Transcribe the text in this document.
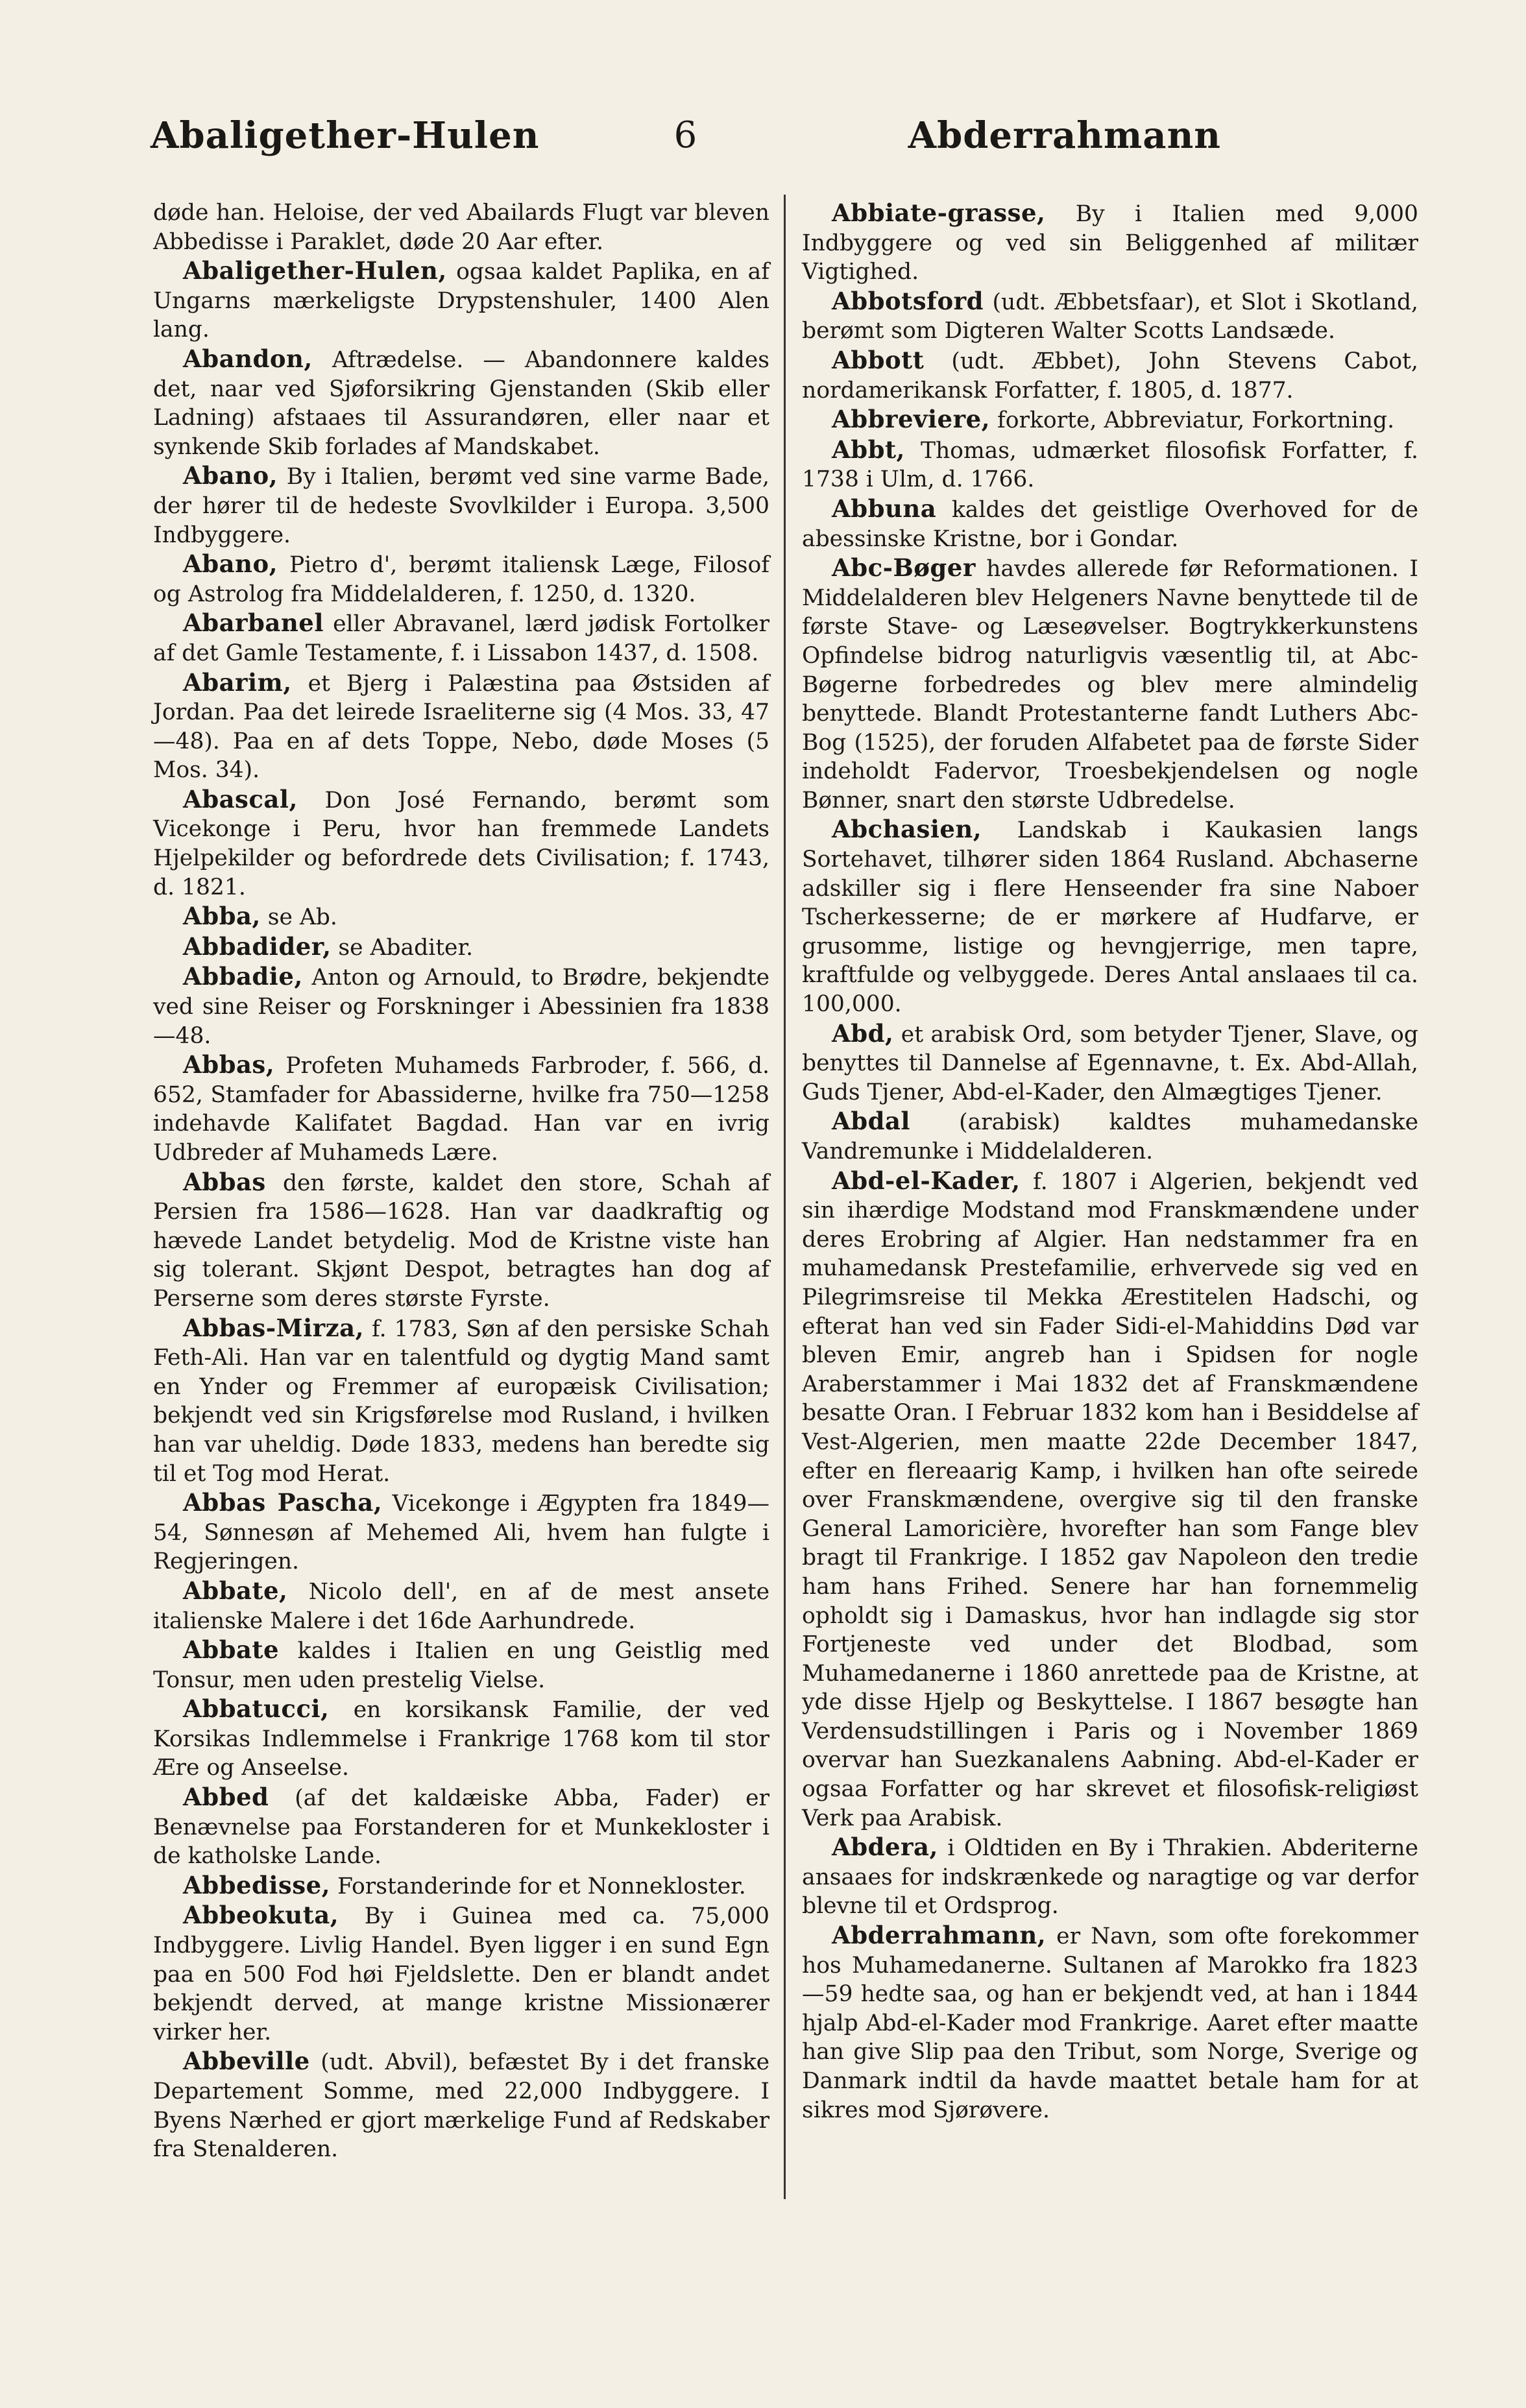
Abaligether-Hulen	6	Abderrahmann

døde han. Heloise, der ved Abailards Flugt var bleven Abbedisse i Paraklet, døde 20 Aar efter.

Abaligether-Hulen, ogsaa kaldet Paplika, en af Ungarns mærkeligste Drypstenshuler, 1400 Alen lang.

Abandon, Aftrædelse. — Abandonnere kaldes det, naar ved Sjøforsikring Gjenstanden (Skib eller Ladning) afstaaes til Assurandøren, eller naar et synkende Skib forlades af Mandskabet.

Abano, By i Italien, berømt ved sine varme Bade, der hører til de hedeste Svovlkilder i Europa. 3,500 Indbyggere.

Abano, Pietro d', berømt italiensk Læge, Filosof og Astrolog fra Middelalderen, f. 1250, d. 1320.

Abarbanel eller Abravanel, lærd jødisk Fortolker af det Gamle Testamente, f. i Lissabon 1437, d. 1508.

Abarim, et Bjerg i Palæstina paa Østsiden af Jordan. Paa det leirede Israeliterne sig (4 Mos. 33, 47—48). Paa en af dets Toppe, Nebo, døde Moses (5 Mos. 34).

Abascal, Don José Fernando, berømt som Vicekonge i Peru, hvor han fremmede Landets Hjelpekilder og befordrede dets Civilisation; f. 1743, d. 1821.

Abba, se Ab.

Abbadider, se Abaditer.

Abbadie, Anton og Arnould, to Brødre, bekjendte ved sine Reiser og Forskninger i Abessinien fra 1838—48.

Abbas, Profeten Muhameds Farbroder, f. 566, d. 652, Stamfader for Abassiderne, hvilke fra 750—1258 indehavde Kalifatet Bagdad. Han var en ivrig Udbreder af Muhameds Lære.

Abbas den første, kaldet den store, Schah af Persien fra 1586—1628. Han var daadkraftig og hævede Landet betydelig. Mod de Kristne viste han sig tolerant. Skjønt Despot, betragtes han dog af Perserne som deres største Fyrste.

Abbas-Mirza, f. 1783, Søn af den persiske Schah Feth-Ali. Han var en talentfuld og dygtig Mand samt en Ynder og Fremmer af europæisk Civilisation; bekjendt ved sin Krigsførelse mod Rusland, i hvilken han var uheldig. Døde 1833, medens han beredte sig til et Tog mod Herat.

Abbas Pascha, Vicekonge i Ægypten fra 1849—54, Sønnesøn af Mehemed Ali, hvem han fulgte i Regjeringen.

Abbate, Nicolo dell', en af de mest ansete italienske Malere i det 16de Aarhundrede.

Abbate kaldes i Italien en ung Geistlig med Tonsur, men uden prestelig Vielse.

Abbatucci, en korsikansk Familie, der ved Korsikas Indlemmelse i Frankrige 1768 kom til stor Ære og Anseelse.

Abbed (af det kaldæiske Abba, Fader) er Benævnelse paa Forstanderen for et Munkekloster i de katholske Lande.

Abbedisse, Forstanderinde for et Nonnekloster.

Abbeokuta, By i Guinea med ca. 75,000 Indbyggere. Livlig Handel. Byen ligger i en sund Egn paa en 500 Fod høi Fjeldslette. Den er blandt andet bekjendt derved, at mange kristne Missionærer virker her.

Abbeville (udt. Abvil), befæstet By i det franske Departement Somme, med 22,000 Indbyggere. I Byens Nærhed er gjort mærkelige Fund af Redskaber fra Stenalderen.

Abbiate-grasse, By i Italien med 9,000 Indbyggere og ved sin Beliggenhed af militær Vigtighed.

Abbotsford (udt. Æbbetsfaar), et Slot i Skotland, berømt som Digteren Walter Scotts Landsæde.

Abbott (udt. Æbbet), John Stevens Cabot, nordamerikansk Forfatter, f. 1805, d. 1877.

Abbreviere, forkorte, Abbreviatur, Forkortning.

Abbt, Thomas, udmærket filosofisk Forfatter, f. 1738 i Ulm, d. 1766.

Abbuna kaldes det geistlige Overhoved for de abessinske Kristne, bor i Gondar.

Abc-Bøger havdes allerede før Reformationen. I Middelalderen blev Helgeners Navne benyttede til de første Stave- og Læseøvelser. Bogtrykkerkunstens Opfindelse bidrog naturligvis væsentlig til, at Abc-Bøgerne forbedredes og blev mere almindelig benyttede. Blandt Protestanterne fandt Luthers Abc-Bog (1525), der foruden Alfabetet paa de første Sider indeholdt Fadervor, Troesbekjendelsen og nogle Bønner, snart den største Udbredelse.

Abchasien, Landskab i Kaukasien langs Sortehavet, tilhører siden 1864 Rusland. Abchaserne adskiller sig i flere Henseender fra sine Naboer Tscherkesserne; de er mørkere af Hudfarve, er grusomme, listige og hevngjerrige, men tapre, kraftfulde og velbyggede. Deres Antal anslaaes til ca. 100,000.

Abd, et arabisk Ord, som betyder Tjener, Slave, og benyttes til Dannelse af Egennavne, t. Ex. Abd-Allah, Guds Tjener, Abd-el-Kader, den Almægtiges Tjener.

Abdal (arabisk) kaldtes muhamedanske Vandremunke i Middelalderen.

Abd-el-Kader, f. 1807 i Algerien, bekjendt ved sin ihærdige Modstand mod Franskmændene under deres Erobring af Algier. Han nedstammer fra en muhamedansk Prestefamilie, erhvervede sig ved en Pilegrimsreise til Mekka Ærestitelen Hadschi, og efterat han ved sin Fader Sidi-el-Mahiddins Død var bleven Emir, angreb han i Spidsen for nogle Araberstammer i Mai 1832 det af Franskmændene besatte Oran. I Februar 1832 kom han i Besiddelse af Vest-Algerien, men maatte 22de December 1847, efter en flereaarig Kamp, i hvilken han ofte seirede over Franskmændene, overgive sig til den franske General Lamoricière, hvorefter han som Fange blev bragt til Frankrige. I 1852 gav Napoleon den tredie ham hans Frihed. Senere har han fornemmelig opholdt sig i Damaskus, hvor han indlagde sig stor Fortjeneste ved under det Blodbad, som Muhamedanerne i 1860 anrettede paa de Kristne, at yde disse Hjelp og Beskyttelse. I 1867 besøgte han Verdensudstillingen i Paris og i November 1869 overvar han Suezkanalens Aabning. Abd-el-Kader er ogsaa Forfatter og har skrevet et filosofisk-religiøst Verk paa Arabisk.

Abdera, i Oldtiden en By i Thrakien. Abderiterne ansaaes for indskrænkede og naragtige og var derfor blevne til et Ordsprog.

Abderrahmann, er Navn, som ofte forekommer hos Muhamedanerne. Sultanen af Marokko fra 1823—59 hedte saa, og han er bekjendt ved, at han i 1844 hjalp Abd-el-Kader mod Frankrige. Aaret efter maatte han give Slip paa den Tribut, som Norge, Sverige og Danmark indtil da havde maattet betale ham for at sikres mod Sjørøvere.
